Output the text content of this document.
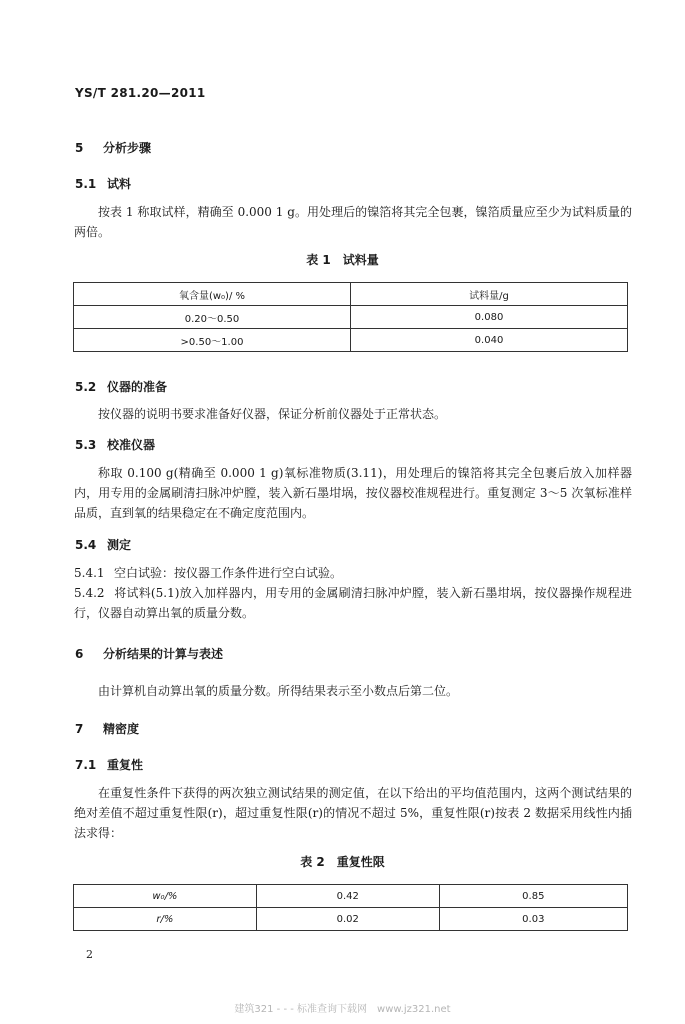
YS/T 281.20—2011
5 分析步骤
5.1 试料
按表 1 称取试样，精确至 0.000 1 g。用处理后的镍箔将其完全包裹，镍箔质量应至少为试料质量的两倍。
表 1　试料量
氧含量(w₀)/ %	试料量/g
0.20～0.50	0.080
>0.50～1.00	0.040
5.2 仪器的准备
按仪器的说明书要求准备好仪器，保证分析前仪器处于正常状态。
5.3 校准仪器
称取 0.100 g(精确至 0.000 1 g)氧标准物质(3.11)，用处理后的镍箔将其完全包裹后放入加样器内，用专用的金属刷清扫脉冲炉膛，装入新石墨坩埚，按仪器校准规程进行。重复测定 3～5 次氧标准样品质，直到氧的结果稳定在不确定度范围内。
5.4 测定
5.4.1 空白试验：按仪器工作条件进行空白试验。
5.4.2 将试料(5.1)放入加样器内，用专用的金属刷清扫脉冲炉膛，装入新石墨坩埚，按仪器操作规程进行，仪器自动算出氧的质量分数。
6 分析结果的计算与表述
由计算机自动算出氧的质量分数。所得结果表示至小数点后第二位。
7 精密度
7.1 重复性
在重复性条件下获得的两次独立测试结果的测定值，在以下给出的平均值范围内，这两个测试结果的绝对差值不超过重复性限(r)，超过重复性限(r)的情况不超过 5%，重复性限(r)按表 2 数据采用线性内插法求得：
表 2　重复性限
w₀/%	0.42	0.85
r/%	0.02	0.03
2
建筑321 - - - 标准查询下载网　www.jz321.net
